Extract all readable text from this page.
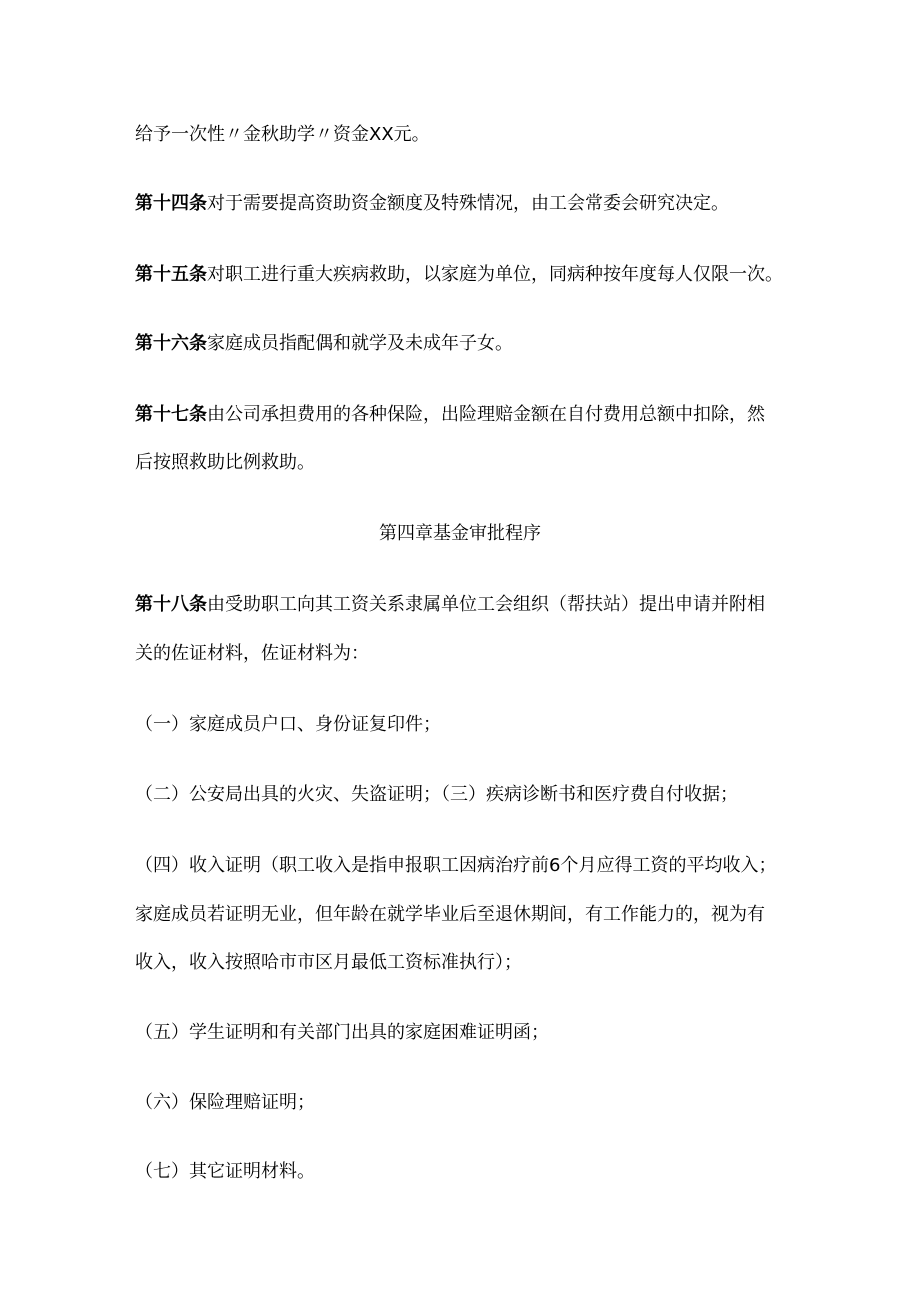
给予一次性〃金秋助学〃资金XX元。
第十四条对于需要提高资助资金额度及特殊情况，由工会常委会研究决定。
第十五条对职工进行重大疾病救助，以家庭为单位，同病种按年度每人仅限一次。
第十六条家庭成员指配偶和就学及未成年子女。
第十七条由公司承担费用的各种保险，出险理赔金额在自付费用总额中扣除，然
后按照救助比例救助。
第四章基金审批程序
第十八条由受助职工向其工资关系隶属单位工会组织（帮扶站）提出申请并附相
关的佐证材料，佐证材料为：
（一）家庭成员户口、身份证复印件；
（二）公安局出具的火灾、失盗证明；（三）疾病诊断书和医疗费自付收据；
（四）收入证明（职工收入是指申报职工因病治疗前6个月应得工资的平均收入；
家庭成员若证明无业，但年龄在就学毕业后至退休期间，有工作能力的，视为有
收入，收入按照哈市市区月最低工资标准执行）；
（五）学生证明和有关部门出具的家庭困难证明函；
（六）保险理赔证明；
（七）其它证明材料。
